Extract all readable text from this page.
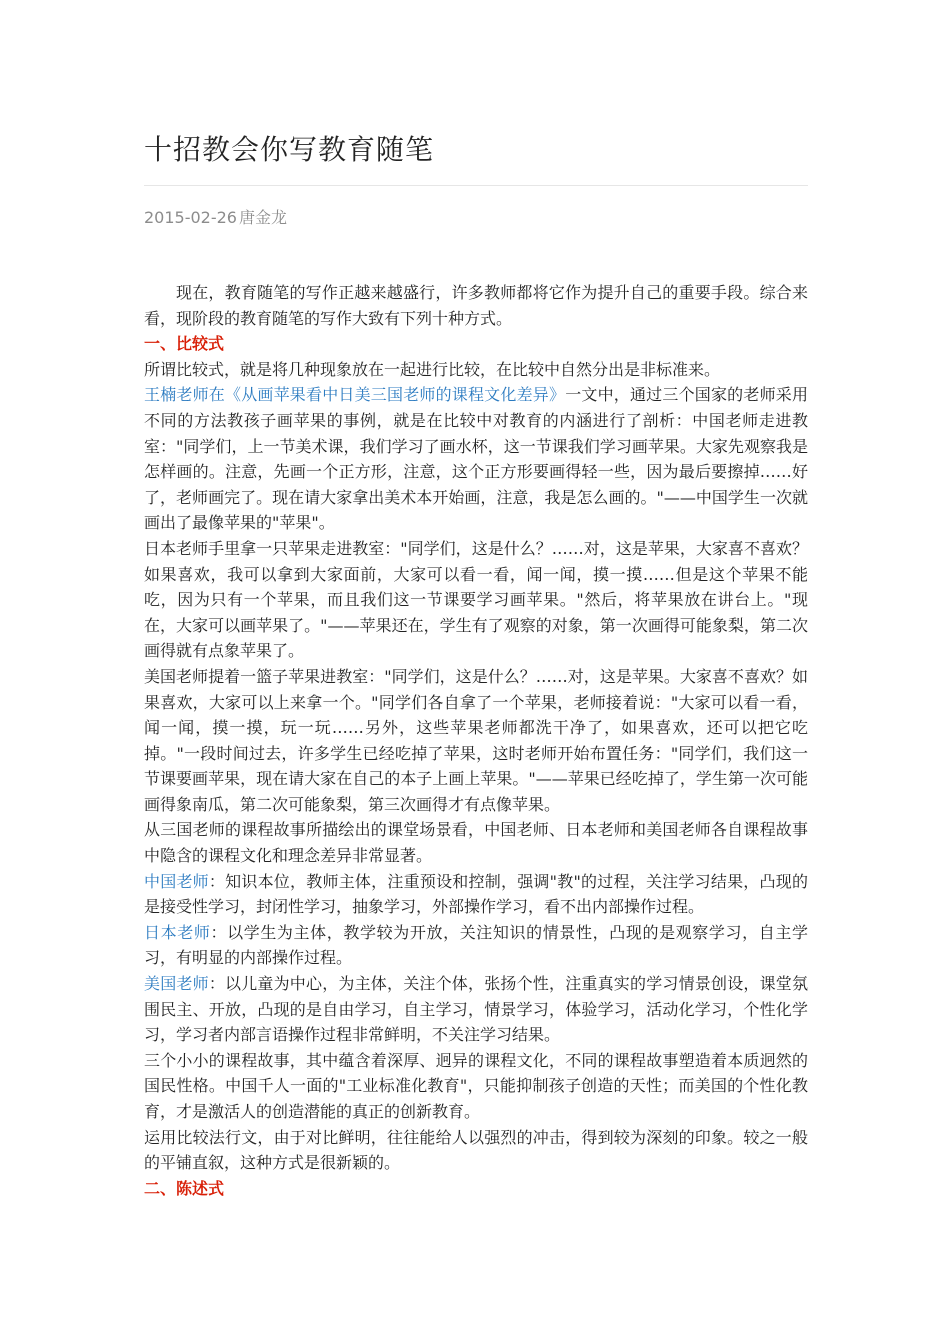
十招教会你写教育随笔
2015-02-26 唐金龙

现在，教育随笔的写作正越来越盛行，许多教师都将它作为提升自己的重要手段。综合来看，现阶段的教育随笔的写作大致有下列十种方式。

一、比较式

所谓比较式，就是将几种现象放在一起进行比较，在比较中自然分出是非标准来。

王楠老师在《从画苹果看中日美三国老师的课程文化差异》一文中，通过三个国家的老师采用不同的方法教孩子画苹果的事例，就是在比较中对教育的内涵进行了剖析：中国老师走进教室："同学们，上一节美术课，我们学习了画水杯，这一节课我们学习画苹果。大家先观察我是怎样画的。注意，先画一个正方形，注意，这个正方形要画得轻一些，因为最后要擦掉……好了，老师画完了。现在请大家拿出美术本开始画，注意，我是怎么画的。"——中国学生一次就画出了最像苹果的"苹果"。

日本老师手里拿一只苹果走进教室："同学们，这是什么？……对，这是苹果，大家喜不喜欢？如果喜欢，我可以拿到大家面前，大家可以看一看，闻一闻，摸一摸……但是这个苹果不能吃，因为只有一个苹果，而且我们这一节课要学习画苹果。"然后，将苹果放在讲台上。"现在，大家可以画苹果了。"——苹果还在，学生有了观察的对象，第一次画得可能象梨，第二次画得就有点象苹果了。

美国老师提着一篮子苹果进教室："同学们，这是什么？……对，这是苹果。大家喜不喜欢？如果喜欢，大家可以上来拿一个。"同学们各自拿了一个苹果，老师接着说："大家可以看一看，闻一闻，摸一摸，玩一玩……另外，这些苹果老师都洗干净了，如果喜欢，还可以把它吃掉。"一段时间过去，许多学生已经吃掉了苹果，这时老师开始布置任务："同学们，我们这一节课要画苹果，现在请大家在自己的本子上画上苹果。"——苹果已经吃掉了，学生第一次可能画得象南瓜，第二次可能象梨，第三次画得才有点像苹果。

从三国老师的课程故事所描绘出的课堂场景看，中国老师、日本老师和美国老师各自课程故事中隐含的课程文化和理念差异非常显著。

中国老师：知识本位，教师主体，注重预设和控制，强调"教"的过程，关注学习结果，凸现的是接受性学习，封闭性学习，抽象学习，外部操作学习，看不出内部操作过程。

日本老师：以学生为主体，教学较为开放，关注知识的情景性，凸现的是观察学习，自主学习，有明显的内部操作过程。

美国老师：以儿童为中心，为主体，关注个体，张扬个性，注重真实的学习情景创设，课堂氛围民主、开放，凸现的是自由学习，自主学习，情景学习，体验学习，活动化学习，个性化学习，学习者内部言语操作过程非常鲜明，不关注学习结果。

三个小小的课程故事，其中蕴含着深厚、迥异的课程文化，不同的课程故事塑造着本质迥然的国民性格。中国千人一面的"工业标准化教育"，只能抑制孩子创造的天性；而美国的个性化教育，才是激活人的创造潜能的真正的创新教育。

运用比较法行文，由于对比鲜明，往往能给人以强烈的冲击，得到较为深刻的印象。较之一般的平铺直叙，这种方式是很新颖的。

二、陈述式
